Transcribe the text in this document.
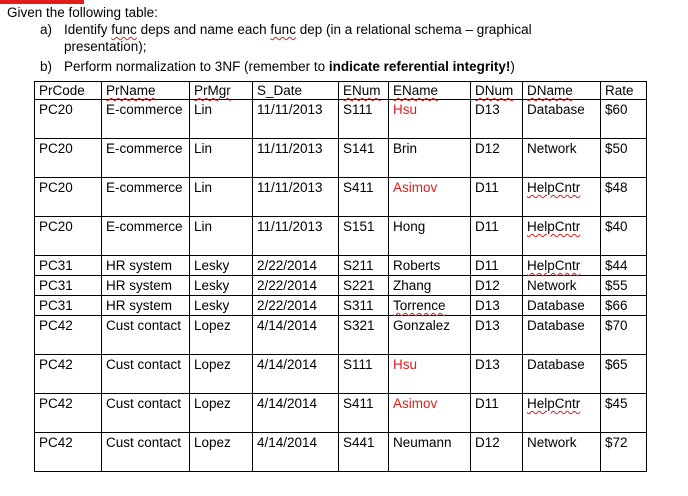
Given the following table:
a) Identify func deps and name each func dep (in a relational schema – graphical presentation);
b) Perform normalization to 3NF (remember to indicate referential integrity!)
PrCode	PrName	PrMgr	S_Date	ENum	EName	DNum	DName	Rate
PC20	E-commerce	Lin	11/11/2013	S111	Hsu	D13	Database	$60
PC20	E-commerce	Lin	11/11/2013	S141	Brin	D12	Network	$50
PC20	E-commerce	Lin	11/11/2013	S411	Asimov	D11	HelpCntr	$48
PC20	E-commerce	Lin	11/11/2013	S151	Hong	D11	HelpCntr	$40
PC31	HR system	Lesky	2/22/2014	S211	Roberts	D11	HelpCntr	$44
PC31	HR system	Lesky	2/22/2014	S221	Zhang	D12	Network	$55
PC31	HR system	Lesky	2/22/2014	S311	Torrence	D13	Database	$66
PC42	Cust contact	Lopez	4/14/2014	S321	Gonzalez	D13	Database	$70
PC42	Cust contact	Lopez	4/14/2014	S111	Hsu	D13	Database	$65
PC42	Cust contact	Lopez	4/14/2014	S411	Asimov	D11	HelpCntr	$45
PC42	Cust contact	Lopez	4/14/2014	S441	Neumann	D12	Network	$72
